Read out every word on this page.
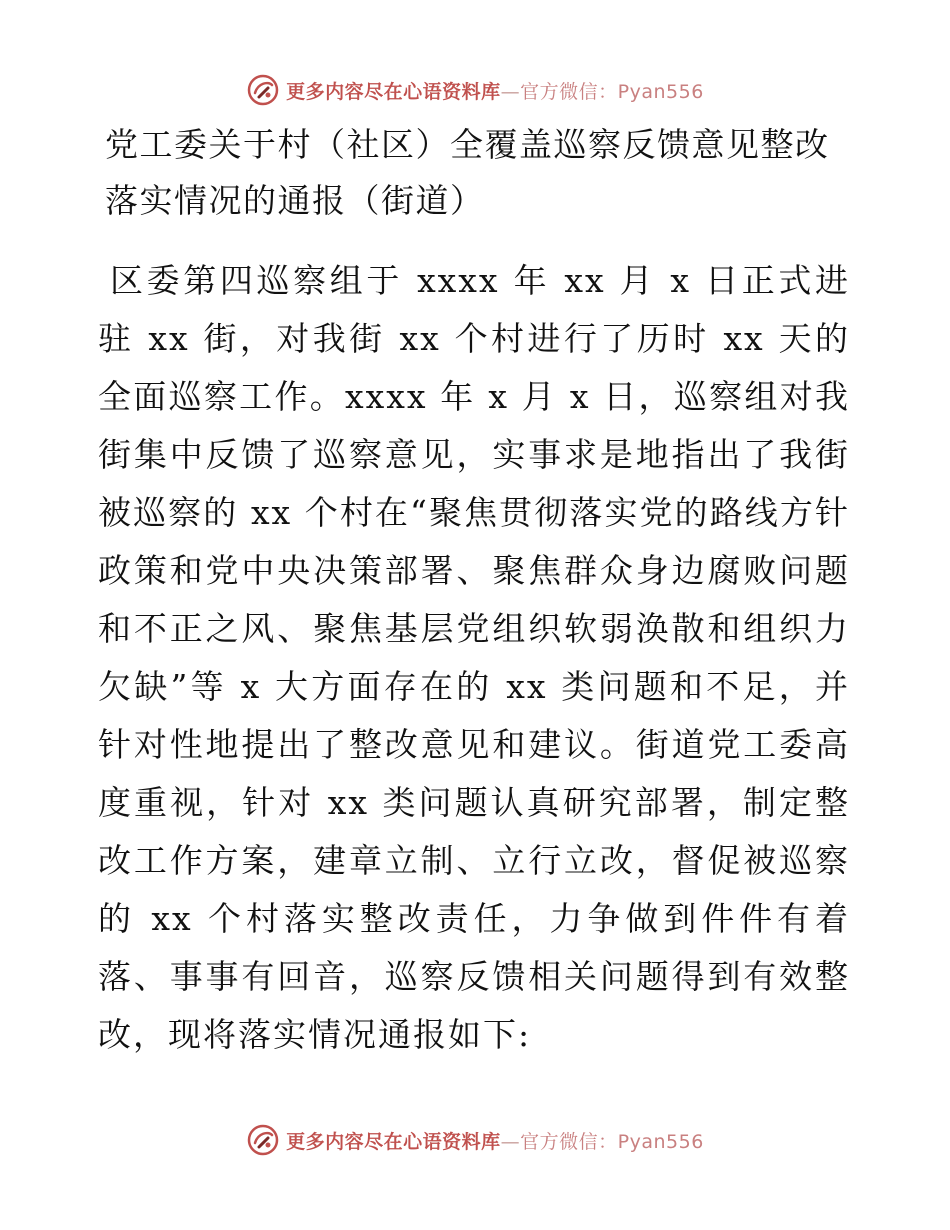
更多内容尽在心语资料库—官方微信：Pyan556
党工委关于村（社区）全覆盖巡察反馈意见整改落实情况的通报（街道）

区委第四巡察组于 xxxx 年 xx 月 x 日正式进驻 xx 街，对我街 xx 个村进行了历时 xx 天的全面巡察工作。xxxx 年 x 月 x 日，巡察组对我街集中反馈了巡察意见，实事求是地指出了我街被巡察的 xx 个村在“聚焦贯彻落实党的路线方针政策和党中央决策部署、聚焦群众身边腐败问题和不正之风、聚焦基层党组织软弱涣散和组织力欠缺”等 x 大方面存在的 xx 类问题和不足，并针对性地提出了整改意见和建议。街道党工委高度重视，针对 xx 类问题认真研究部署，制定整改工作方案，建章立制、立行立改，督促被巡察的 xx 个村落实整改责任，力争做到件件有着落、事事有回音，巡察反馈相关问题得到有效整改，现将落实情况通报如下:

更多内容尽在心语资料库—官方微信：Pyan556
